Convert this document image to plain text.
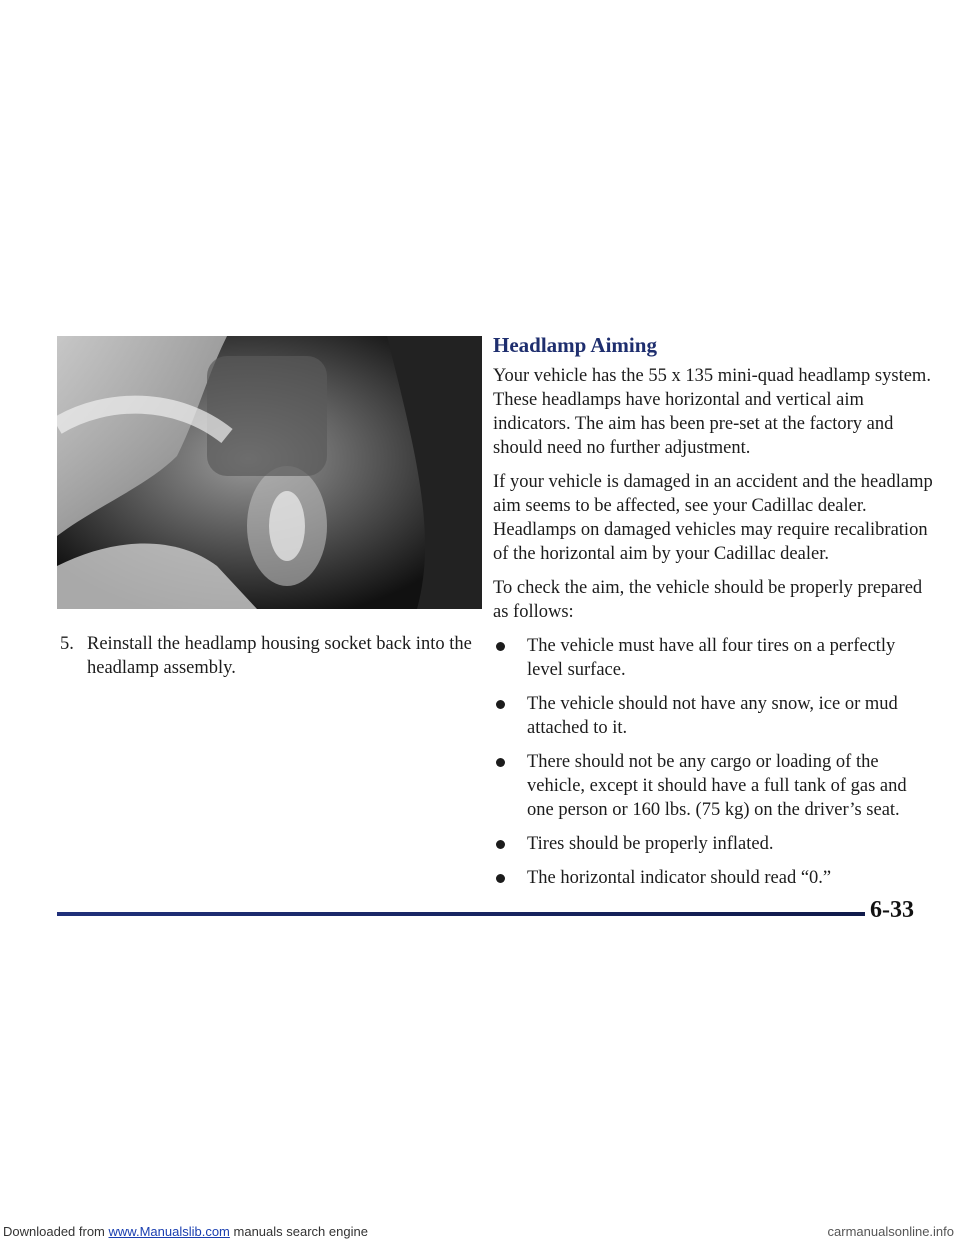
5. Reinstall the headlamp housing socket back into the headlamp assembly.
Headlamp Aiming

Your vehicle has the 55 x 135 mini-quad headlamp system. These headlamps have horizontal and vertical aim indicators. The aim has been pre-set at the factory and should need no further adjustment.

If your vehicle is damaged in an accident and the headlamp aim seems to be affected, see your Cadillac dealer. Headlamps on damaged vehicles may require recalibration of the horizontal aim by your Cadillac dealer.

To check the aim, the vehicle should be properly prepared as follows:

The vehicle must have all four tires on a perfectly level surface.
The vehicle should not have any snow, ice or mud attached to it.
There should not be any cargo or loading of the vehicle, except it should have a full tank of gas and one person or 160 lbs. (75 kg) on the driver’s seat.
Tires should be properly inflated.
The horizontal indicator should read “0.”
6-33
Downloaded from www.Manualslib.com manuals search engine	carmanualsonline.info
